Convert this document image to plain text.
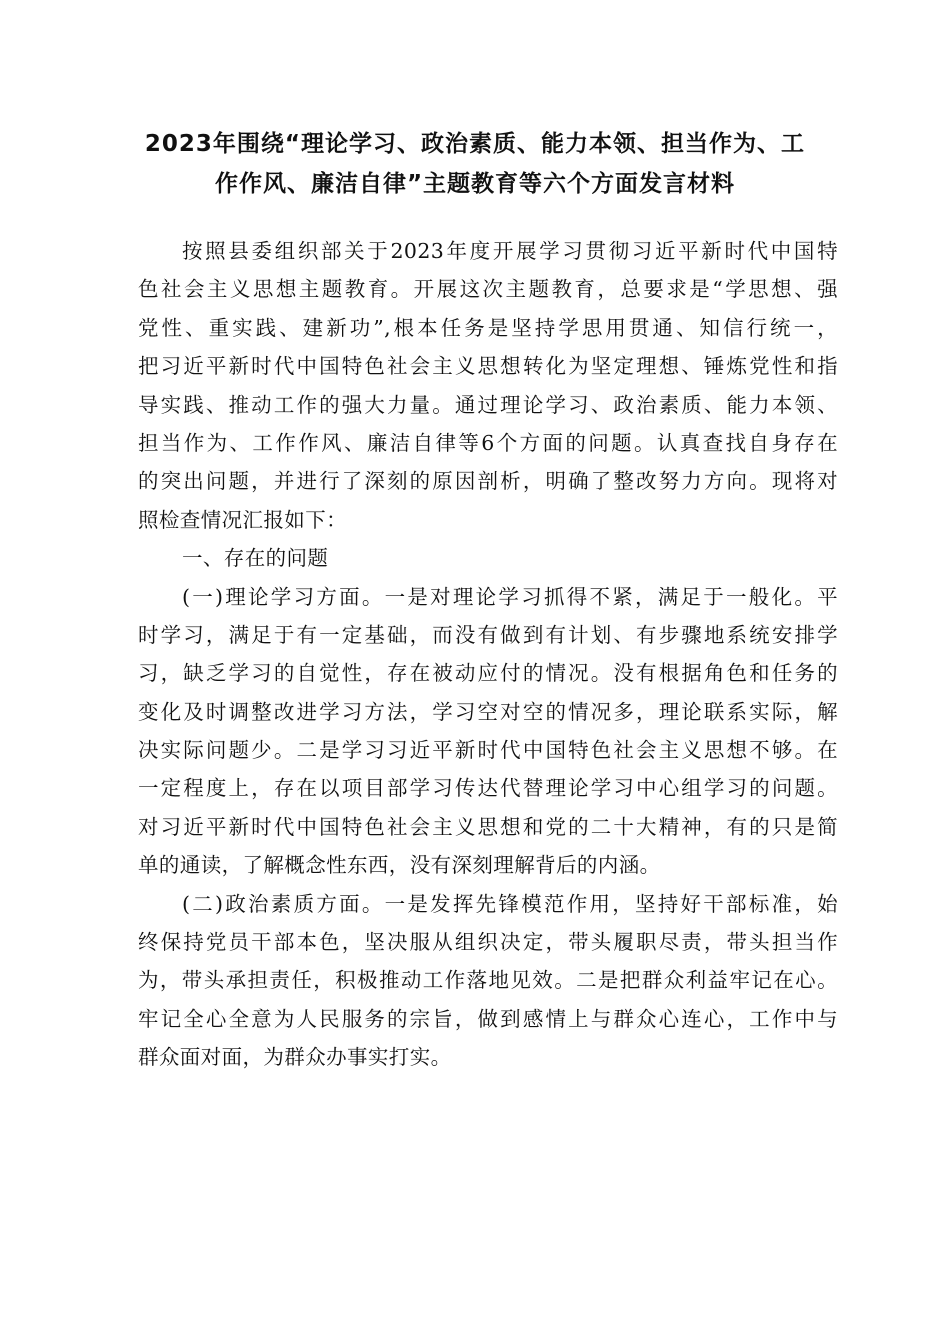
2023年围绕“理论学习、政治素质、能力本领、担当作为、工
作作风、廉洁自律”主题教育等六个方面发言材料
按照县委组织部关于2023年度开展学习贯彻习近平新时代中国特
色社会主义思想主题教育。开展这次主题教育，总要求是“学思想、强
党性、重实践、建新功”,根本任务是坚持学思用贯通、知信行统一，
把习近平新时代中国特色社会主义思想转化为坚定理想、锤炼党性和指
导实践、推动工作的强大力量。通过理论学习、政治素质、能力本领、
担当作为、工作作风、廉洁自律等6个方面的问题。认真查找自身存在
的突出问题，并进行了深刻的原因剖析，明确了整改努力方向。现将对
照检查情况汇报如下：
一、存在的问题
(一)理论学习方面。一是对理论学习抓得不紧，满足于一般化。平
时学习，满足于有一定基础，而没有做到有计划、有步骤地系统安排学
习，缺乏学习的自觉性，存在被动应付的情况。没有根据角色和任务的
变化及时调整改进学习方法，学习空对空的情况多，理论联系实际，解
决实际问题少。二是学习习近平新时代中国特色社会主义思想不够。在
一定程度上，存在以项目部学习传达代替理论学习中心组学习的问题。
对习近平新时代中国特色社会主义思想和党的二十大精神，有的只是简
单的通读，了解概念性东西，没有深刻理解背后的内涵。
(二)政治素质方面。一是发挥先锋模范作用，坚持好干部标准，始
终保持党员干部本色，坚决服从组织决定，带头履职尽责，带头担当作
为，带头承担责任，积极推动工作落地见效。二是把群众利益牢记在心。
牢记全心全意为人民服务的宗旨，做到感情上与群众心连心，工作中与
群众面对面，为群众办事实打实。
